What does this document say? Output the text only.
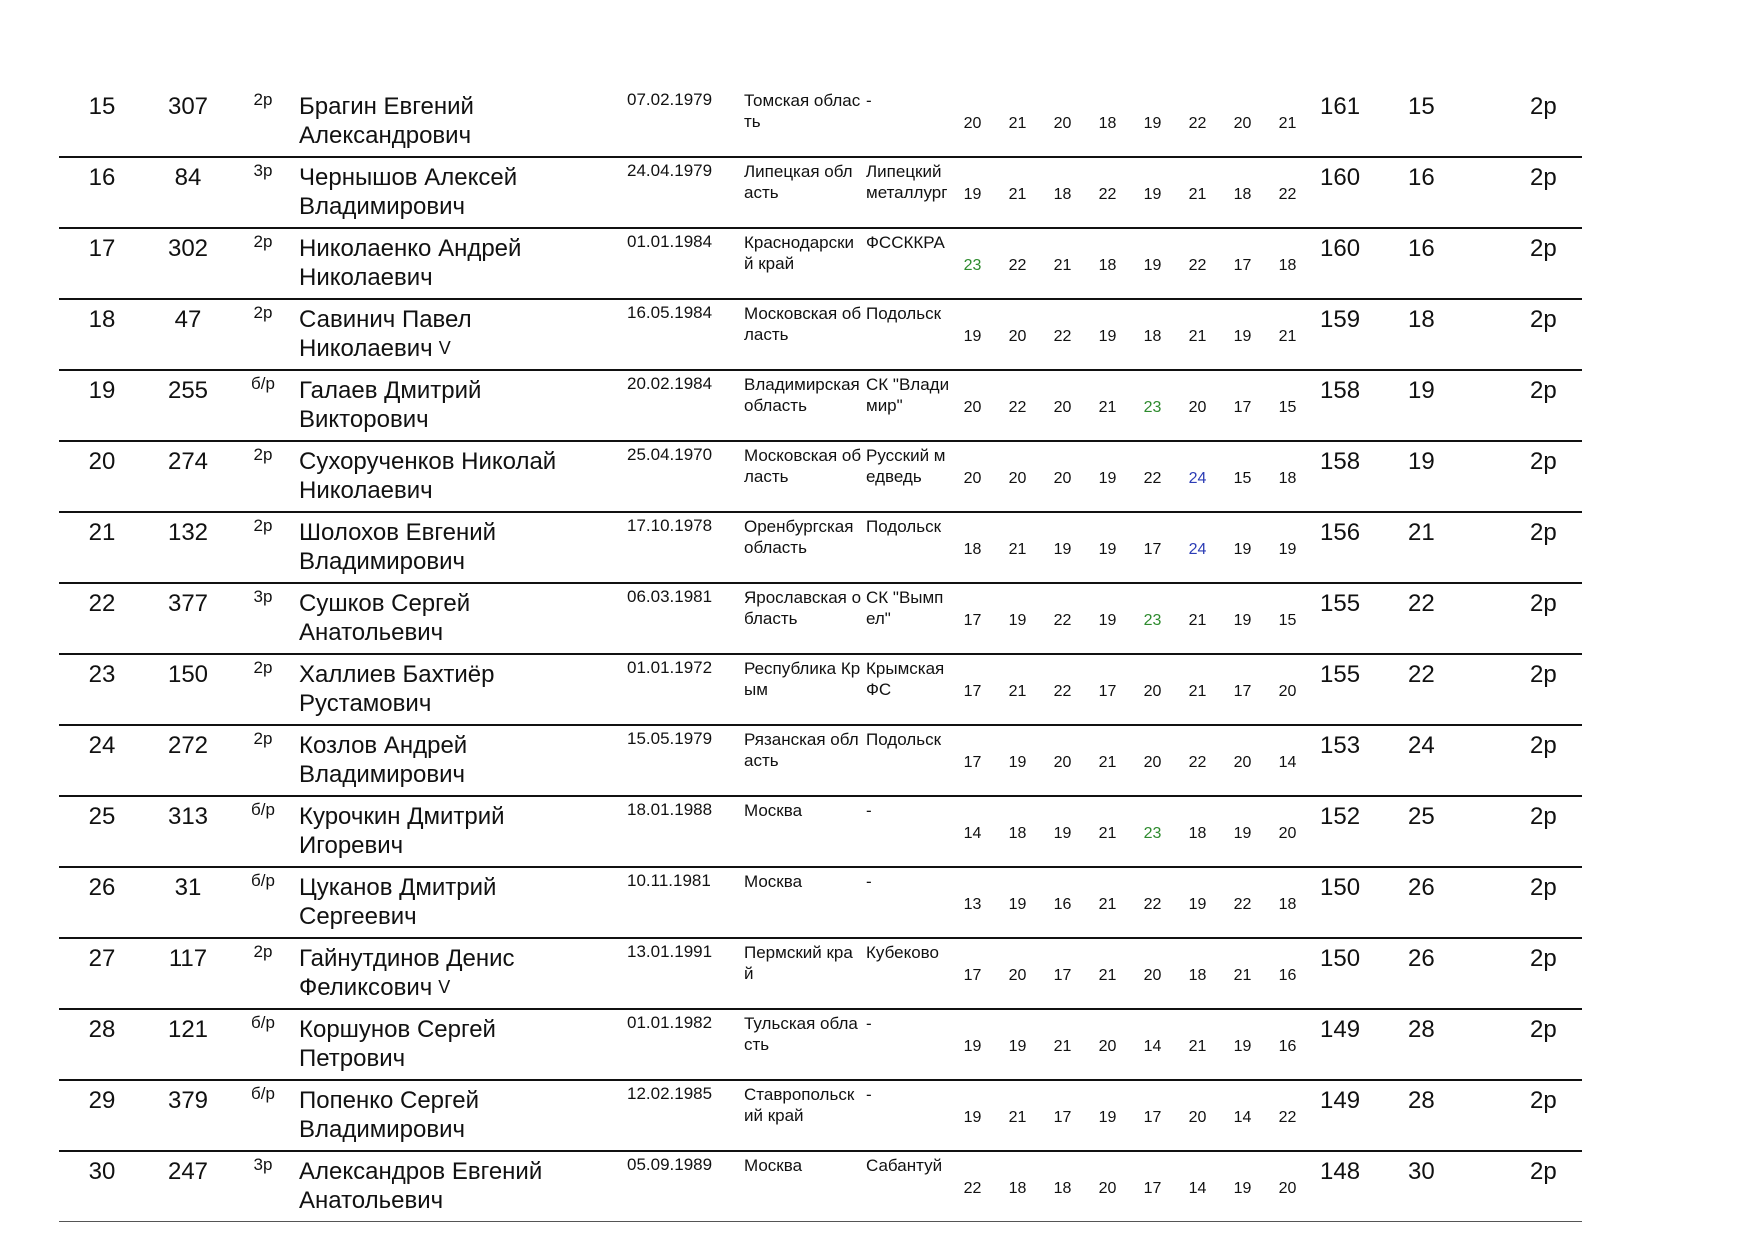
15	307	2р	Брагин Евгений
Александрович	07.02.1979	Томская область	-	20	21	20	18	19	22	20	21	161	15	2р
16	84	3р	Чернышов Алексей
Владимирович	24.04.1979	Липецкая область	Липецкий металлург	19	21	18	22	19	21	18	22	160	16	2р
17	302	2р	Николаенко Андрей
Николаевич	01.01.1984	Краснодарский край	ФССККРА	23	22	21	18	19	22	17	18	160	16	2р
18	47	2р	Савинич Павел
Николаевич V	16.05.1984	Московская область	Подольск	19	20	22	19	18	21	19	21	159	18	2р
19	255	б/р	Галаев Дмитрий
Викторович	20.02.1984	Владимирская область	СК "Владимир"	20	22	20	21	23	20	17	15	158	19	2р
20	274	2р	Сухорученков Николай
Николаевич	25.04.1970	Московская область	Русский медведь	20	20	20	19	22	24	15	18	158	19	2р
21	132	2р	Шолохов Евгений
Владимирович	17.10.1978	Оренбургская область	Подольск	18	21	19	19	17	24	19	19	156	21	2р
22	377	3р	Сушков Сергей
Анатольевич	06.03.1981	Ярославская область	СК "Вымпел"	17	19	22	19	23	21	19	15	155	22	2р
23	150	2р	Халлиев Бахтиёр
Рустамович	01.01.1972	Республика Крым	Крымская ФС	17	21	22	17	20	21	17	20	155	22	2р
24	272	2р	Козлов Андрей
Владимирович	15.05.1979	Рязанская область	Подольск	17	19	20	21	20	22	20	14	153	24	2р
25	313	б/р	Курочкин Дмитрий
Игоревич	18.01.1988	Москва	-	14	18	19	21	23	18	19	20	152	25	2р
26	31	б/р	Цуканов Дмитрий
Сергеевич	10.11.1981	Москва	-	13	19	16	21	22	19	22	18	150	26	2р
27	117	2р	Гайнутдинов Денис
Феликсович V	13.01.1991	Пермский край	Кубеково	17	20	17	21	20	18	21	16	150	26	2р
28	121	б/р	Коршунов Сергей
Петрович	01.01.1982	Тульская область	-	19	19	21	20	14	21	19	16	149	28	2р
29	379	б/р	Попенко Сергей
Владимирович	12.02.1985	Ставропольский край	-	19	21	17	19	17	20	14	22	149	28	2р
30	247	3р	Александров Евгений
Анатольевич	05.09.1989	Москва	Сабантуй	22	18	18	20	17	14	19	20	148	30	2р
